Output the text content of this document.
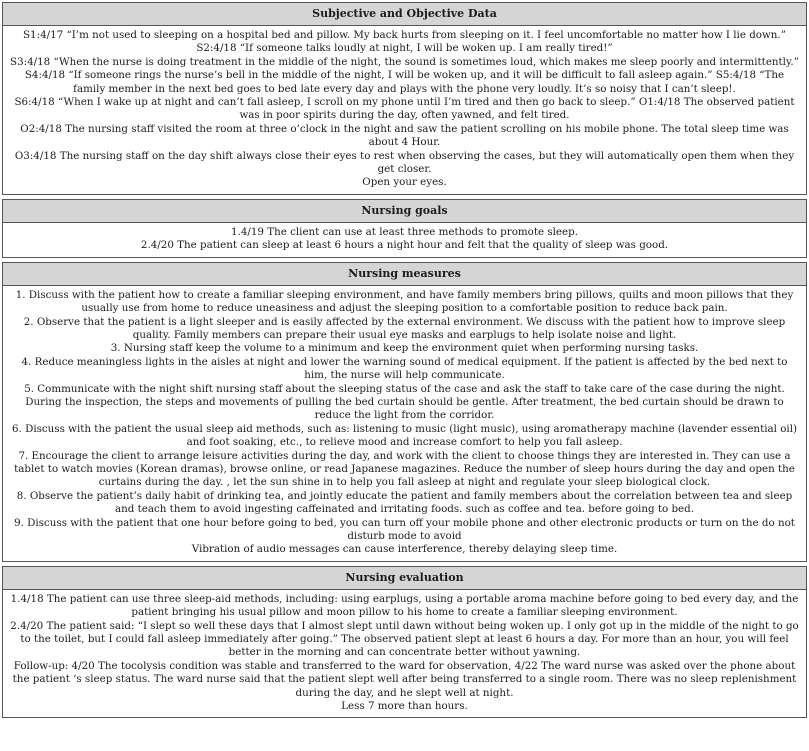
Subjective and Objective Data

S1:4/17 “I’m not used to sleeping on a hospital bed and pillow. My back hurts from sleeping on it. I feel uncomfortable no matter how I lie down.”

S2:4/18 “If someone talks loudly at night, I will be woken up. I am really tired!”

S3:4/18 “When the nurse is doing treatment in the middle of the night, the sound is sometimes loud, which makes me sleep poorly and intermittently.”

S4:4/18 “If someone rings the nurse’s bell in the middle of the night, I will be woken up, and it will be difficult to fall asleep again.” S5:4/18 “The family member in the next bed goes to bed late every day and plays with the phone very loudly. It’s so noisy that I can’t sleep!.

S6:4/18 “When I wake up at night and can’t fall asleep, I scroll on my phone until I’m tired and then go back to sleep.” O1:4/18 The observed patient was in poor spirits during the day, often yawned, and felt tired.

O2:4/18 The nursing staff visited the room at three o’clock in the night and saw the patient scrolling on his mobile phone. The total sleep time was about 4 Hour.

O3:4/18 The nursing staff on the day shift always close their eyes to rest when observing the cases, but they will automatically open them when they get closer.

Open your eyes.

Nursing goals

1.4/19 The client can use at least three methods to promote sleep.

2.4/20 The patient can sleep at least 6 hours a night hour and felt that the quality of sleep was good.

Nursing measures

1. Discuss with the patient how to create a familiar sleeping environment, and have family members bring pillows, quilts and moon pillows that they usually use from home to reduce uneasiness and adjust the sleeping position to a comfortable position to reduce back pain.

2. Observe that the patient is a light sleeper and is easily affected by the external environment. We discuss with the patient how to improve sleep quality. Family members can prepare their usual eye masks and earplugs to help isolate noise and light.

3. Nursing staff keep the volume to a minimum and keep the environment quiet when performing nursing tasks.

4. Reduce meaningless lights in the aisles at night and lower the warning sound of medical equipment. If the patient is affected by the bed next to him, the nurse will help communicate.

5. Communicate with the night shift nursing staff about the sleeping status of the case and ask the staff to take care of the case during the night. During the inspection, the steps and movements of pulling the bed curtain should be gentle. After treatment, the bed curtain should be drawn to reduce the light from the corridor.

6. Discuss with the patient the usual sleep aid methods, such as: listening to music (light music), using aromatherapy machine (lavender essential oil) and foot soaking, etc., to relieve mood and increase comfort to help you fall asleep.

7. Encourage the client to arrange leisure activities during the day, and work with the client to choose things they are interested in. They can use a tablet to watch movies (Korean dramas), browse online, or read Japanese magazines. Reduce the number of sleep hours during the day and open the curtains during the day. , let the sun shine in to help you fall asleep at night and regulate your sleep biological clock.

8. Observe the patient’s daily habit of drinking tea, and jointly educate the patient and family members about the correlation between tea and sleep and teach them to avoid ingesting caffeinated and irritating foods. such as coffee and tea. before going to bed.

9. Discuss with the patient that one hour before going to bed, you can turn off your mobile phone and other electronic products or turn on the do not disturb mode to avoid

Vibration of audio messages can cause interference, thereby delaying sleep time.

Nursing evaluation

1.4/18 The patient can use three sleep-aid methods, including: using earplugs, using a portable aroma machine before going to bed every day, and the patient bringing his usual pillow and moon pillow to his home to create a familiar sleeping environment.

2.4/20 The patient said: “I slept so well these days that I almost slept until dawn without being woken up. I only got up in the middle of the night to go to the toilet, but I could fall asleep immediately after going.” The observed patient slept at least 6 hours a day. For more than an hour, you will feel better in the morning and can concentrate better without yawning.

Follow-up: 4/20 The tocolysis condition was stable and transferred to the ward for observation, 4/22 The ward nurse was asked over the phone about the patient ‘s sleep status. The ward nurse said that the patient slept well after being transferred to a single room. There was no sleep replenishment during the day, and he slept well at night.

Less 7 more than hours.
